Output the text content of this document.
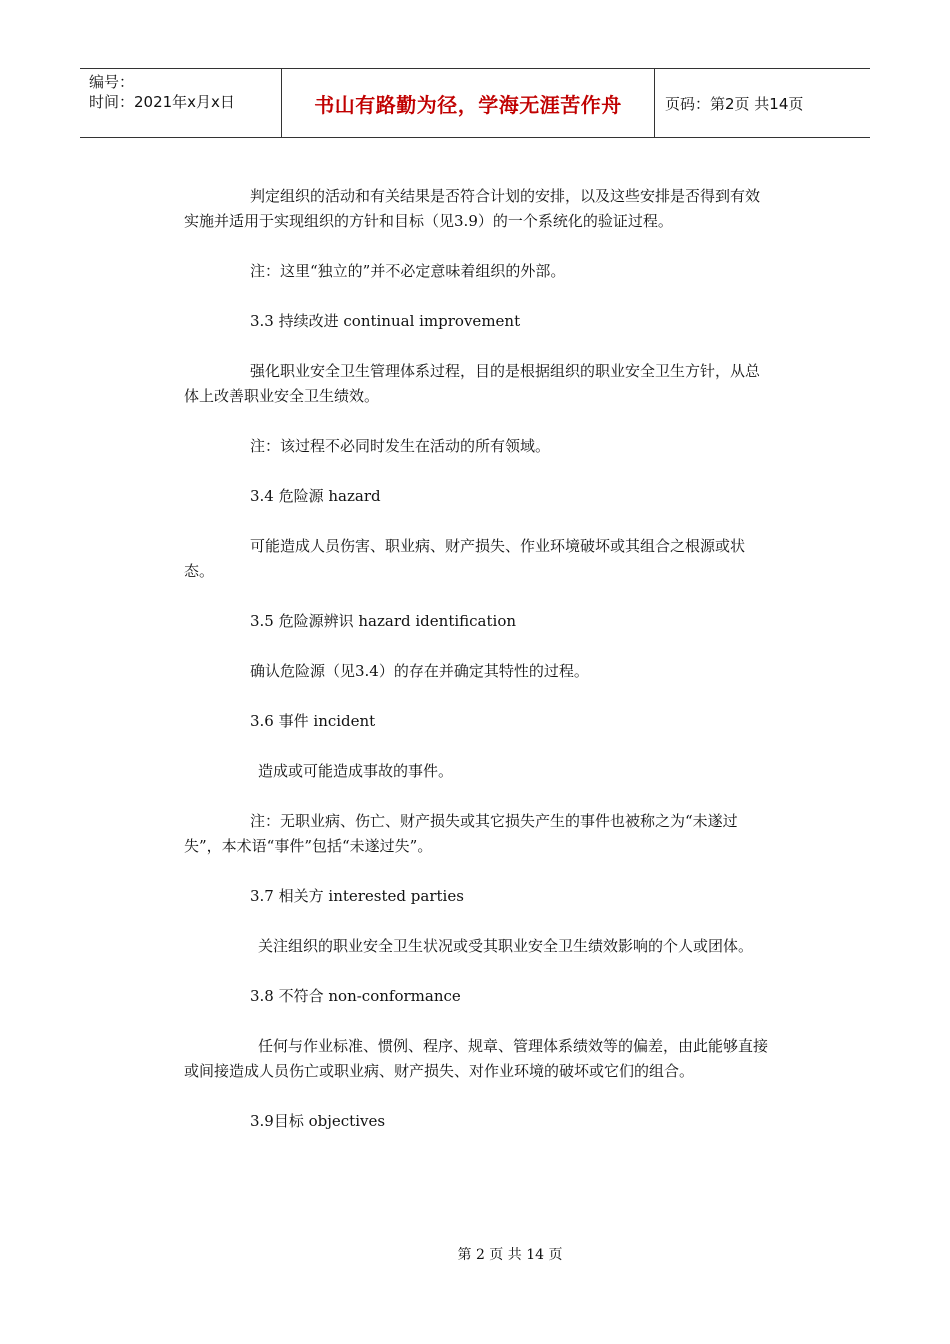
编号：
时间：2021年x月x日	书山有路勤为径，学海无涯苦作舟	页码：第2页 共14页

判定组织的活动和有关结果是否符合计划的安排，以及这些安排是否得到有效实施并适用于实现组织的方针和目标（见3.9）的一个系统化的验证过程。

注：这里“独立的”并不必定意味着组织的外部。

3.3 持续改进 continual improvement

强化职业安全卫生管理体系过程，目的是根据组织的职业安全卫生方针，从总体上改善职业安全卫生绩效。

注：该过程不必同时发生在活动的所有领域。

3.4 危险源 hazard

可能造成人员伤害、职业病、财产损失、作业环境破坏或其组合之根源或状态。

3.5 危险源辨识 hazard identification

确认危险源（见3.4）的存在并确定其特性的过程。

3.6 事件 incident

造成或可能造成事故的事件。

注：无职业病、伤亡、财产损失或其它损失产生的事件也被称之为“未遂过失”，本术语“事件”包括“未遂过失”。

3.7 相关方 interested parties

关注组织的职业安全卫生状况或受其职业安全卫生绩效影响的个人或团体。

3.8 不符合 non-conformance

任何与作业标准、惯例、程序、规章、管理体系绩效等的偏差，由此能够直接或间接造成人员伤亡或职业病、财产损失、对作业环境的破坏或它们的组合。

3.9目标 objectives

第 2 页 共 14 页
